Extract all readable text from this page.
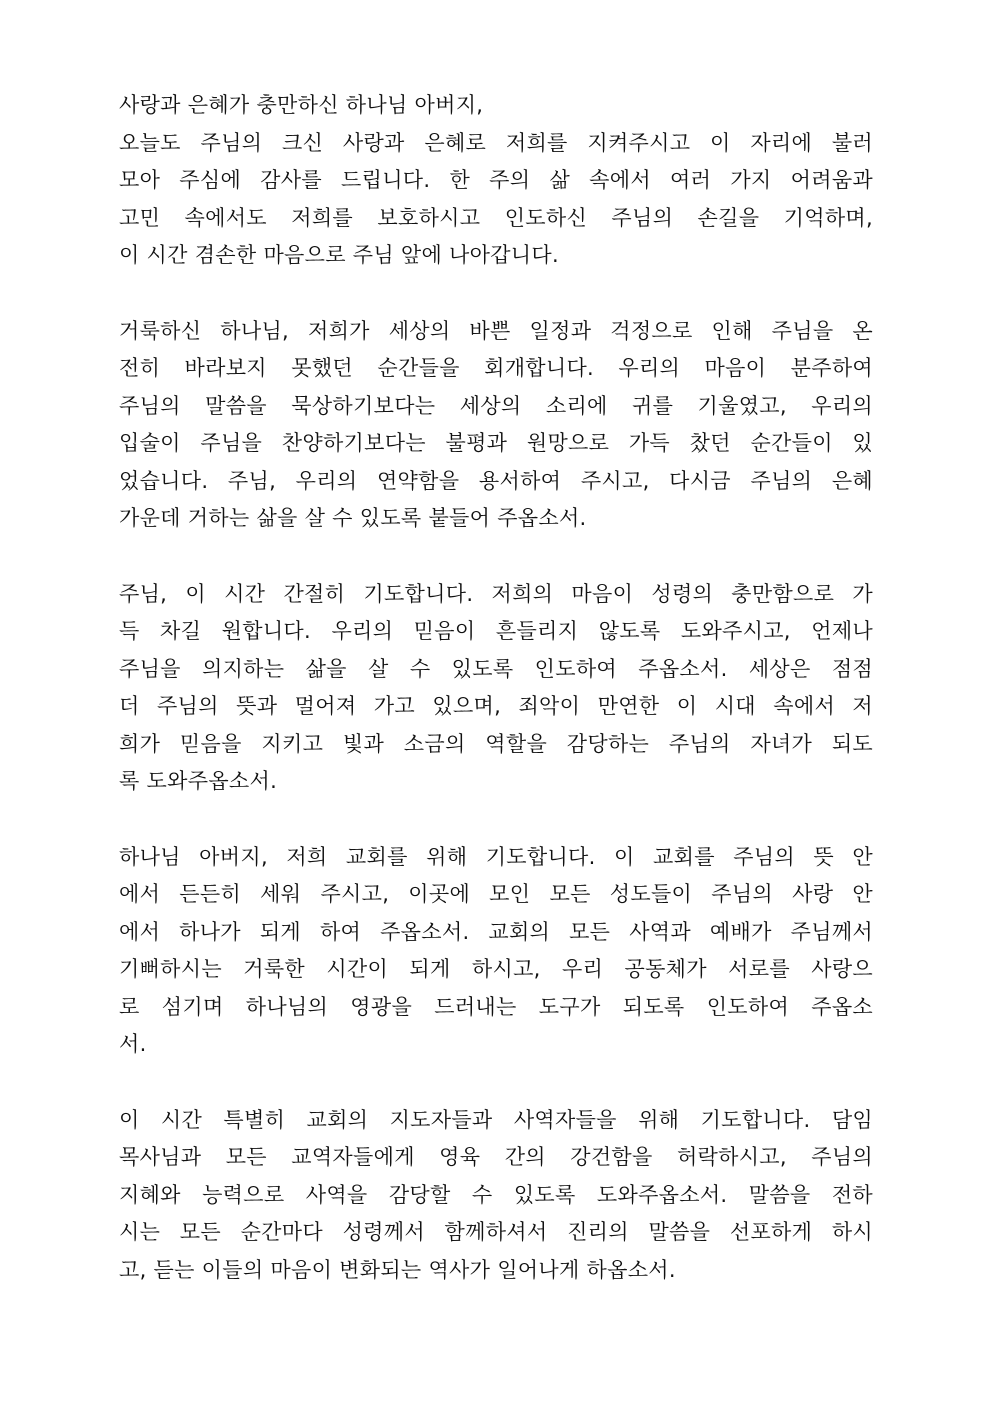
사랑과 은혜가 충만하신 하나님 아버지,
오늘도 주님의 크신 사랑과 은혜로 저희를 지켜주시고 이 자리에 불러
모아 주심에 감사를 드립니다. 한 주의 삶 속에서 여러 가지 어려움과
고민 속에서도 저희를 보호하시고 인도하신 주님의 손길을 기억하며,
이 시간 겸손한 마음으로 주님 앞에 나아갑니다.

거룩하신 하나님, 저희가 세상의 바쁜 일정과 걱정으로 인해 주님을 온
전히 바라보지 못했던 순간들을 회개합니다. 우리의 마음이 분주하여
주님의 말씀을 묵상하기보다는 세상의 소리에 귀를 기울였고, 우리의
입술이 주님을 찬양하기보다는 불평과 원망으로 가득 찼던 순간들이 있
었습니다. 주님, 우리의 연약함을 용서하여 주시고, 다시금 주님의 은혜
가운데 거하는 삶을 살 수 있도록 붙들어 주옵소서.

주님, 이 시간 간절히 기도합니다. 저희의 마음이 성령의 충만함으로 가
득 차길 원합니다. 우리의 믿음이 흔들리지 않도록 도와주시고, 언제나
주님을 의지하는 삶을 살 수 있도록 인도하여 주옵소서. 세상은 점점
더 주님의 뜻과 멀어져 가고 있으며, 죄악이 만연한 이 시대 속에서 저
희가 믿음을 지키고 빛과 소금의 역할을 감당하는 주님의 자녀가 되도
록 도와주옵소서.

하나님 아버지, 저희 교회를 위해 기도합니다. 이 교회를 주님의 뜻 안
에서 든든히 세워 주시고, 이곳에 모인 모든 성도들이 주님의 사랑 안
에서 하나가 되게 하여 주옵소서. 교회의 모든 사역과 예배가 주님께서
기뻐하시는 거룩한 시간이 되게 하시고, 우리 공동체가 서로를 사랑으
로 섬기며 하나님의 영광을 드러내는 도구가 되도록 인도하여 주옵소
서.

이 시간 특별히 교회의 지도자들과 사역자들을 위해 기도합니다. 담임
목사님과 모든 교역자들에게 영육 간의 강건함을 허락하시고, 주님의
지혜와 능력으로 사역을 감당할 수 있도록 도와주옵소서. 말씀을 전하
시는 모든 순간마다 성령께서 함께하셔서 진리의 말씀을 선포하게 하시
고, 듣는 이들의 마음이 변화되는 역사가 일어나게 하옵소서.
